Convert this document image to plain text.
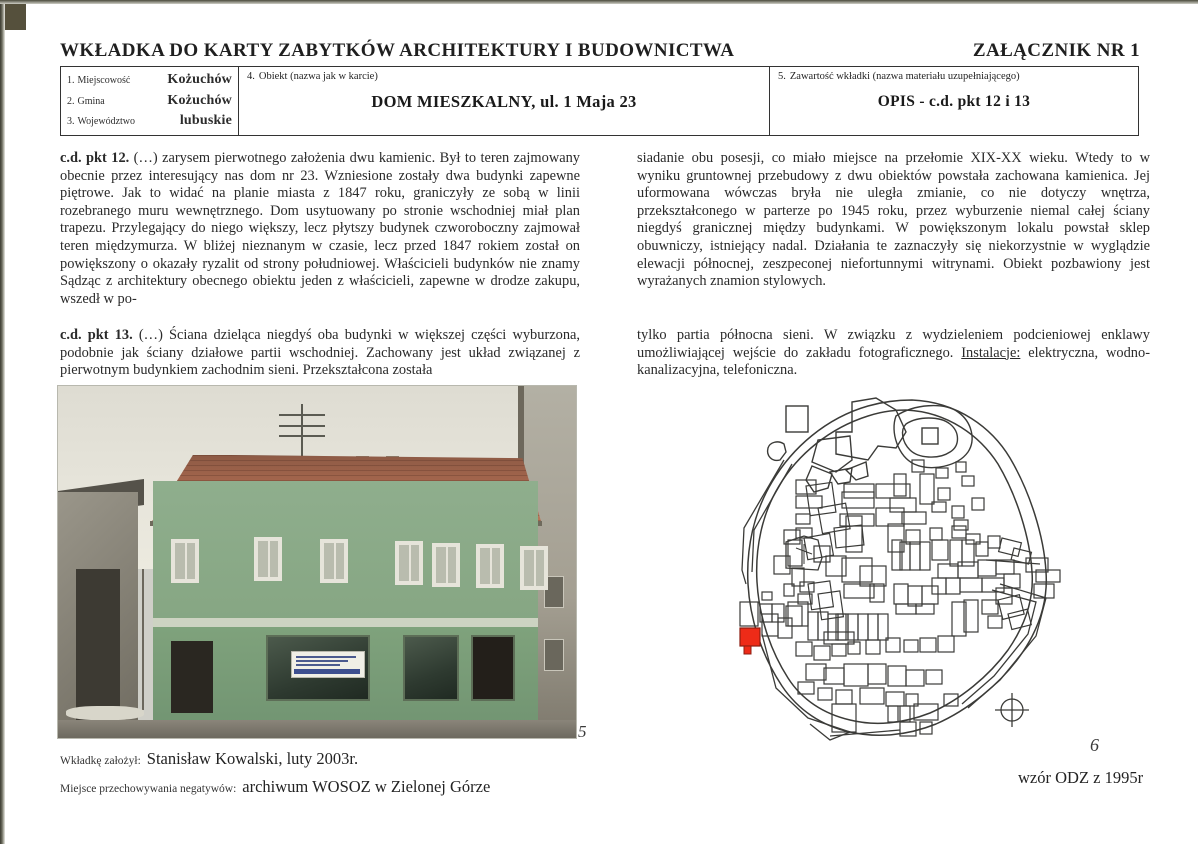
WKŁADKA DO KARTY ZABYTKÓW ARCHITEKTURY I BUDOWNICTWA	ZAŁĄCZNIK NR 1
1. Miejscowość	Kożuchów
2. Gmina	Kożuchów
3. Województwo	lubuskie
4. Obiekt (nazwa jak w karcie)
DOM MIESZKALNY, ul. 1 Maja 23
5. Zawartość wkładki (nazwa materiału uzupełniającego)
OPIS - c.d. pkt 12 i 13

c.d. pkt 12. (…) zarysem pierwotnego założenia dwu kamienic. Był to teren zajmowany obecnie przez interesujący nas dom nr 23. Wzniesione zostały dwa budynki zapewne piętrowe. Jak to widać na planie miasta z 1847 roku, graniczyły ze sobą w linii rozebranego muru wewnętrznego. Dom usytuowany po stronie wschodniej miał plan trapezu. Przylegający do niego większy, lecz płytszy budynek czworoboczny zajmował teren międzymurza. W bliżej nieznanym w czasie, lecz przed 1847 rokiem został on powiększony o okazały ryzalit od strony południowej. Właścicieli budynków nie znamy Sądząc z architektury obecnego obiektu jeden z właścicieli, zapewne w drodze zakupu, wszedł w po-

c.d. pkt 13. (…) Ściana dzieląca niegdyś oba budynki w większej części wyburzona, podobnie jak ściany działowe partii wschodniej. Zachowany jest układ związanej z pierwotnym budynkiem zachodnim sieni. Przekształcona została

siadanie obu posesji, co miało miejsce na przełomie XIX-XX wieku. Wtedy to w wyniku gruntownej przebudowy z dwu obiektów powstała zachowana kamienica. Jej uformowana wówczas bryła nie uległa zmianie, co nie dotyczy wnętrza, przekształconego w parterze po 1945 roku, przez wyburzenie niemal całej ściany niegdyś granicznej między budynkami. W powiększonym lokalu powstał sklep obuwniczy, istniejący nadal. Działania te zaznaczyły się niekorzystnie w wyglądzie elewacji północnej, zeszpeconej niefortunnymi witrynami. Obiekt pozbawiony jest wyrażanych znamion stylowych.

tylko partia północna sieni. W związku z wydzieleniem podcieniowej enklawy umożliwiającej wejście do zakładu fotograficznego. Instalacje: elektryczna, wodno-kanalizacyjna, telefoniczna.

5
6
Wkładkę założył: Stanisław Kowalski, luty 2003r.
Miejsce przechowywania negatywów: archiwum WOSOZ w Zielonej Górze	wzór ODZ z 1995r
